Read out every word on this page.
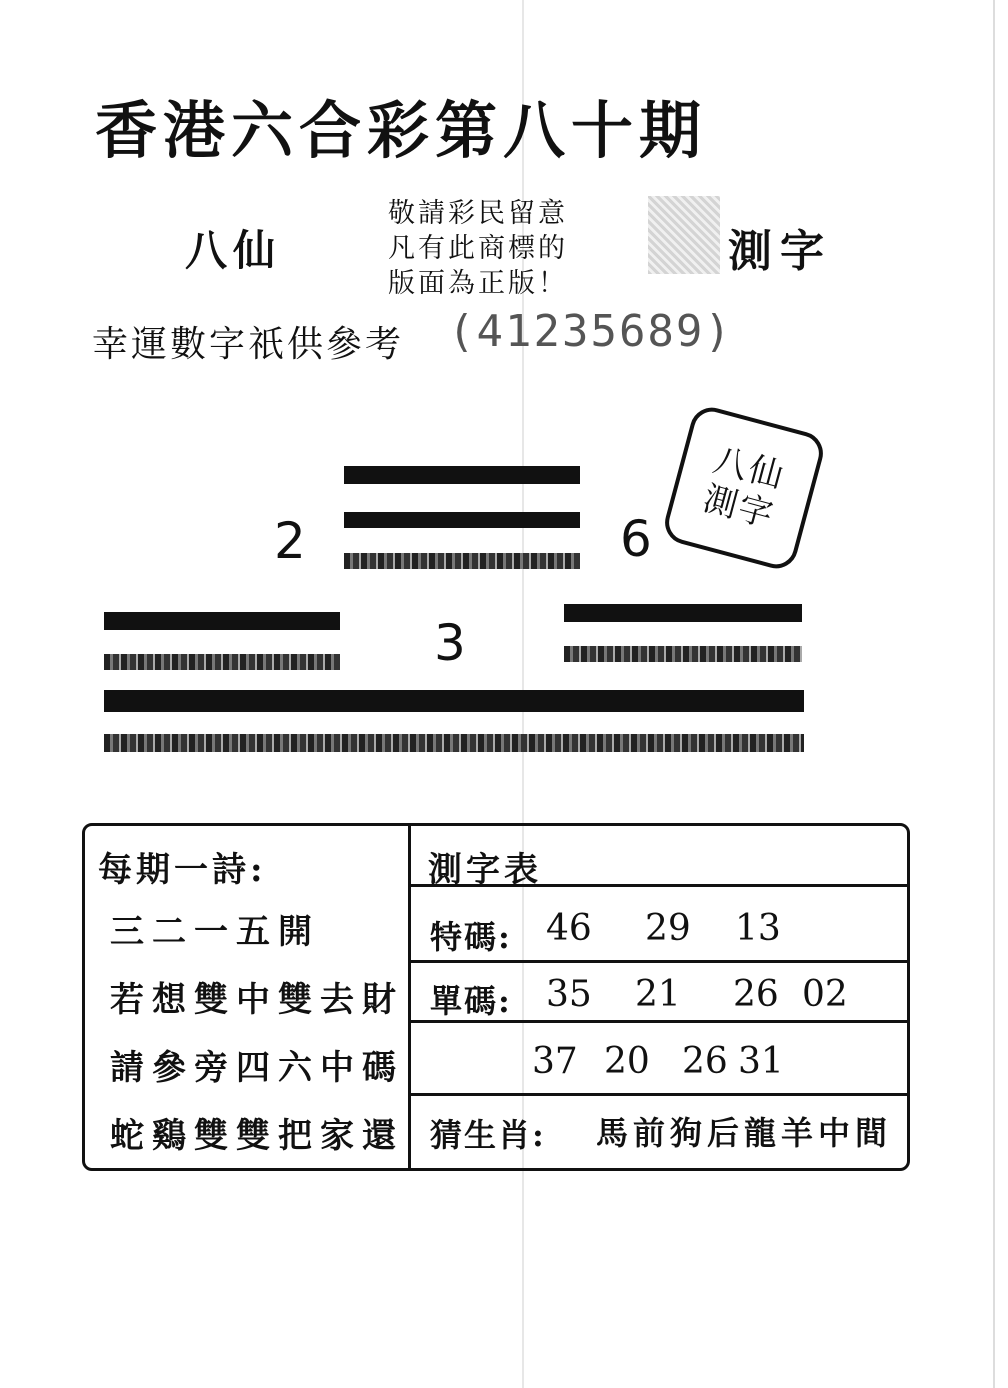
香港六合彩第八十期
八仙
敬請彩民留意
凡有此商標的
版面為正版！
測字
幸運數字祇供參考 (41235689)
八仙
測字
2	6
3
每期一詩:
三二一五開
若想雙中雙去財
請參旁四六中碼
蛇鷄雙雙把家還
測字表
特碼: 46 29 13
單碼: 35 21 26 02
37 20 26 31
猜生肖: 馬前狗后龍羊中間
